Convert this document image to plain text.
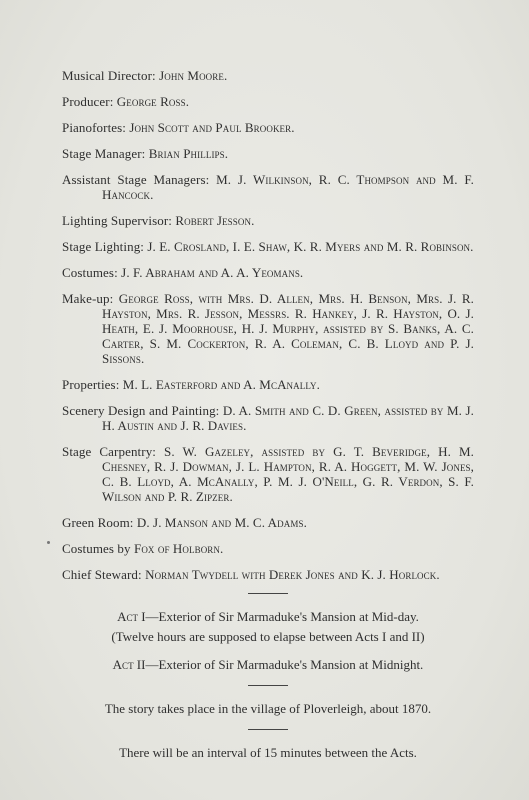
Musical Director: John Moore.
Producer: George Ross.
Pianofortes: John Scott and Paul Brooker.
Stage Manager: Brian Phillips.
Assistant Stage Managers: M. J. Wilkinson, R. C. Thompson and M. F. Hancock.
Lighting Supervisor: Robert Jesson.
Stage Lighting: J. E. Crosland, I. E. Shaw, K. R. Myers and M. R. Robinson.
Costumes: J. F. Abraham and A. A. Yeomans.
Make-up: George Ross, with Mrs. D. Allen, Mrs. H. Benson, Mrs. J. R. Hayston, Mrs. R. Jesson, Messrs. R. Hankey, J. R. Hayston, O. J. Heath, E. J. Moorhouse, H. J. Murphy, assisted by S. Banks, A. C. Carter, S. M. Cockerton, R. A. Coleman, C. B. Lloyd and P. J. Sissons.
Properties: M. L. Easterford and A. McAnally.
Scenery Design and Painting: D. A. Smith and C. D. Green, assisted by M. J. H. Austin and J. R. Davies.
Stage Carpentry: S. W. Gazeley, assisted by G. T. Beveridge, H. M. Chesney, R. J. Dowman, J. L. Hampton, R. A. Hoggett, M. W. Jones, C. B. Lloyd, A. McAnally, P. M. J. O'Neill, G. R. Verdon, S. F. Wilson and P. R. Zipzer.
Green Room: D. J. Manson and M. C. Adams.
Costumes by Fox of Holborn.
Chief Steward: Norman Twydell with Derek Jones and K. J. Horlock.
Act I—Exterior of Sir Marmaduke's Mansion at Mid-day.
(Twelve hours are supposed to elapse between Acts I and II)
Act II—Exterior of Sir Marmaduke's Mansion at Midnight.
The story takes place in the village of Ploverleigh, about 1870.
There will be an interval of 15 minutes between the Acts.
